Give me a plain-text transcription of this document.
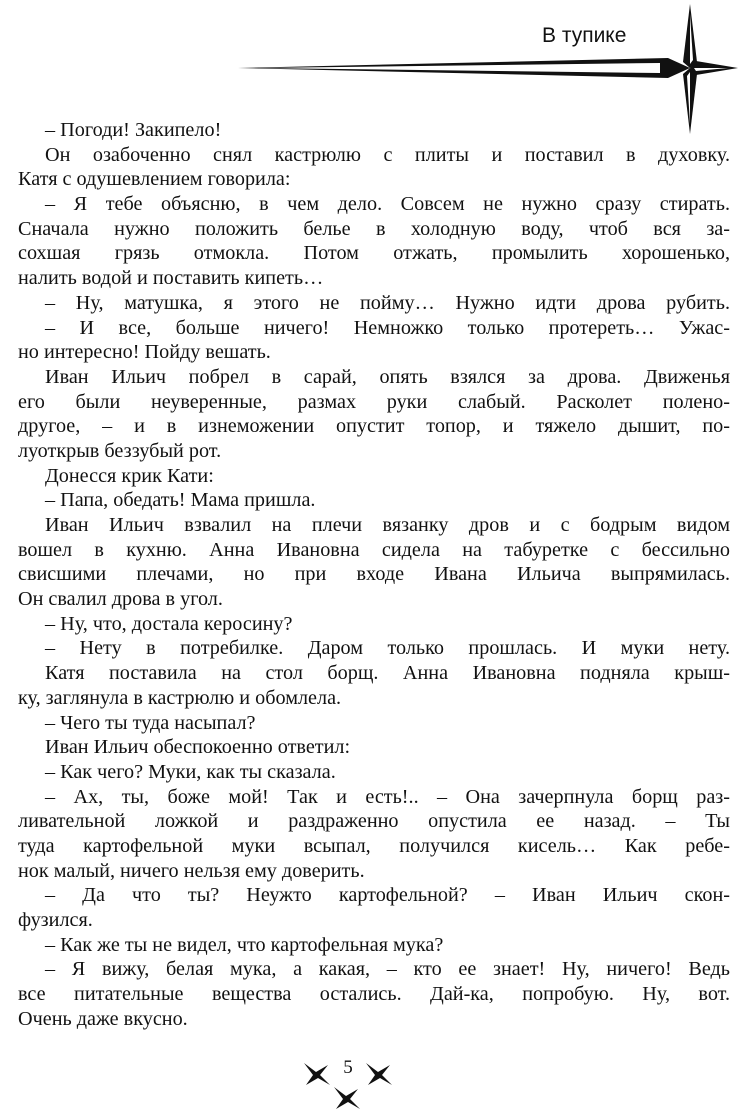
В тупике
– Погоди! Закипело!
Он озабоченно снял кастрюлю с плиты и поставил в духовку.
Катя с одушевлением говорила:
– Я тебе объясню, в чем дело. Совсем не нужно сразу стирать.
Сначала нужно положить белье в холодную воду, чтоб вся за-
сохшая грязь отмокла. Потом отжать, промылить хорошенько,
налить водой и поставить кипеть…
– Ну, матушка, я этого не пойму… Нужно идти дрова рубить.
– И все, больше ничего! Немножко только протереть… Ужас-
но интересно! Пойду вешать.
Иван Ильич побрел в сарай, опять взялся за дрова. Движенья
его были неуверенные, размах руки слабый. Расколет полено-
другое, – и в изнеможении опустит топор, и тяжело дышит, по-
луоткрыв беззубый рот.
Донесся крик Кати:
– Папа, обедать! Мама пришла.
Иван Ильич взвалил на плечи вязанку дров и с бодрым видом
вошел в кухню. Анна Ивановна сидела на табуретке с бессильно
свисшими плечами, но при входе Ивана Ильича выпрямилась.
Он свалил дрова в угол.
– Ну, что, достала керосину?
– Нету в потребилке. Даром только прошлась. И муки нету.
Катя поставила на стол борщ. Анна Ивановна подняла крыш-
ку, заглянула в кастрюлю и обомлела.
– Чего ты туда насыпал?
Иван Ильич обеспокоенно ответил:
– Как чего? Муки, как ты сказала.
– Ах, ты, боже мой! Так и есть!.. – Она зачерпнула борщ раз-
ливательной ложкой и раздраженно опустила ее назад. – Ты
туда картофельной муки всыпал, получился кисель… Как ребе-
нок малый, ничего нельзя ему доверить.
– Да что ты? Неужто картофельной? – Иван Ильич скон-
фузился.
– Как же ты не видел, что картофельная мука?
– Я вижу, белая мука, а какая, – кто ее знает! Ну, ничего! Ведь
все питательные вещества остались. Дай-ка, попробую. Ну, вот.
Очень даже вкусно.
5
